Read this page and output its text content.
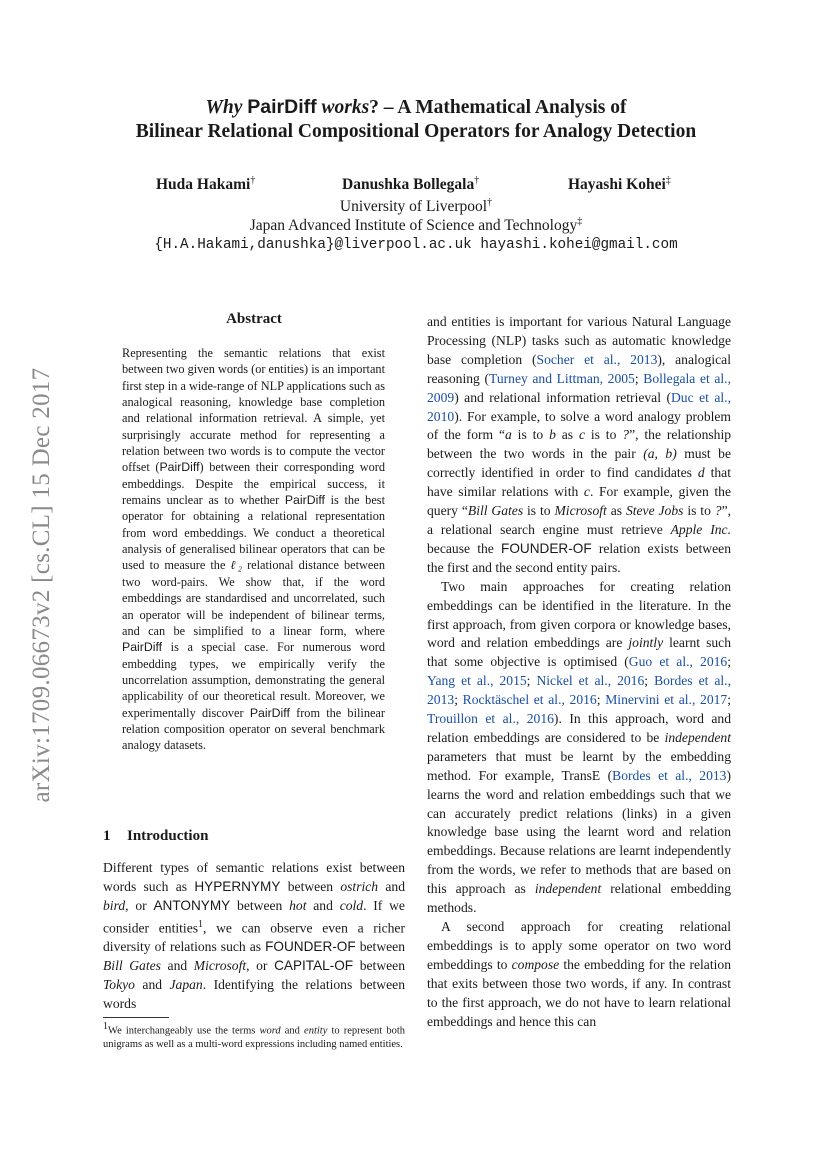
arXiv:1709.06673v2 [cs.CL] 15 Dec 2017
Why PairDiff works? – A Mathematical Analysis of
Bilinear Relational Compositional Operators for Analogy Detection
Huda Hakami†	Danushka Bollegala†	Hayashi Kohei‡
University of Liverpool†
Japan Advanced Institute of Science and Technology‡
{H.A.Hakami,danushka}@liverpool.ac.uk hayashi.kohei@gmail.com
Abstract
Representing the semantic relations that exist between two given words (or entities) is an important first step in a wide-range of NLP applications such as analogical reasoning, knowledge base completion and relational information retrieval. A simple, yet surprisingly accurate method for representing a relation between two words is to compute the vector offset (PairDiff) between their corresponding word embeddings. Despite the empirical success, it remains unclear as to whether PairDiff is the best operator for obtaining a relational representation from word embeddings. We conduct a theoretical analysis of generalised bilinear operators that can be used to measure the ℓ₂ relational distance between two word-pairs. We show that, if the word embeddings are standardised and uncorrelated, such an operator will be independent of bilinear terms, and can be simplified to a linear form, where PairDiff is a special case. For numerous word embedding types, we empirically verify the uncorrelation assumption, demonstrating the general applicability of our theoretical result. Moreover, we experimentally discover PairDiff from the bilinear relation composition operator on several benchmark analogy datasets.
1 Introduction

Different types of semantic relations exist between words such as HYPERNYMY between ostrich and bird, or ANTONYMY between hot and cold. If we consider entities$^1$, we can observe even a richer diversity of relations such as FOUNDER-OF between Bill Gates and Microsoft, or CAPITAL-OF between Tokyo and Japan. Identifying the relations between words

$^1$We interchangeably use the terms word and entity to represent both unigrams as well as a multi-word expressions including named entities.

and entities is important for various Natural Language Processing (NLP) tasks such as automatic knowledge base completion (Socher et al., 2013), analogical reasoning (Turney and Littman, 2005; Bollegala et al., 2009) and relational information retrieval (Duc et al., 2010). For example, to solve a word analogy problem of the form “a is to b as c is to ?”, the relationship between the two words in the pair (a, b) must be correctly identified in order to find candidates d that have similar relations with c. For example, given the query “Bill Gates is to Microsoft as Steve Jobs is to ?”, a relational search engine must retrieve Apple Inc. because the FOUNDER-OF relation exists between the first and the second entity pairs.

Two main approaches for creating relation embeddings can be identified in the literature. In the first approach, from given corpora or knowledge bases, word and relation embeddings are jointly learnt such that some objective is optimised (Guo et al., 2016; Yang et al., 2015; Nickel et al., 2016; Bordes et al., 2013; Rocktäschel et al., 2016; Minervini et al., 2017; Trouillon et al., 2016). In this approach, word and relation embeddings are considered to be independent parameters that must be learnt by the embedding method. For example, TransE (Bordes et al., 2013) learns the word and relation embeddings such that we can accurately predict relations (links) in a given knowledge base using the learnt word and relation embeddings. Because relations are learnt independently from the words, we refer to methods that are based on this approach as independent relational embedding methods.

A second approach for creating relational embeddings is to apply some operator on two word embeddings to compose the embedding for the relation that exits between those two words, if any. In contrast to the first approach, we do not have to learn relational embeddings and hence this can
